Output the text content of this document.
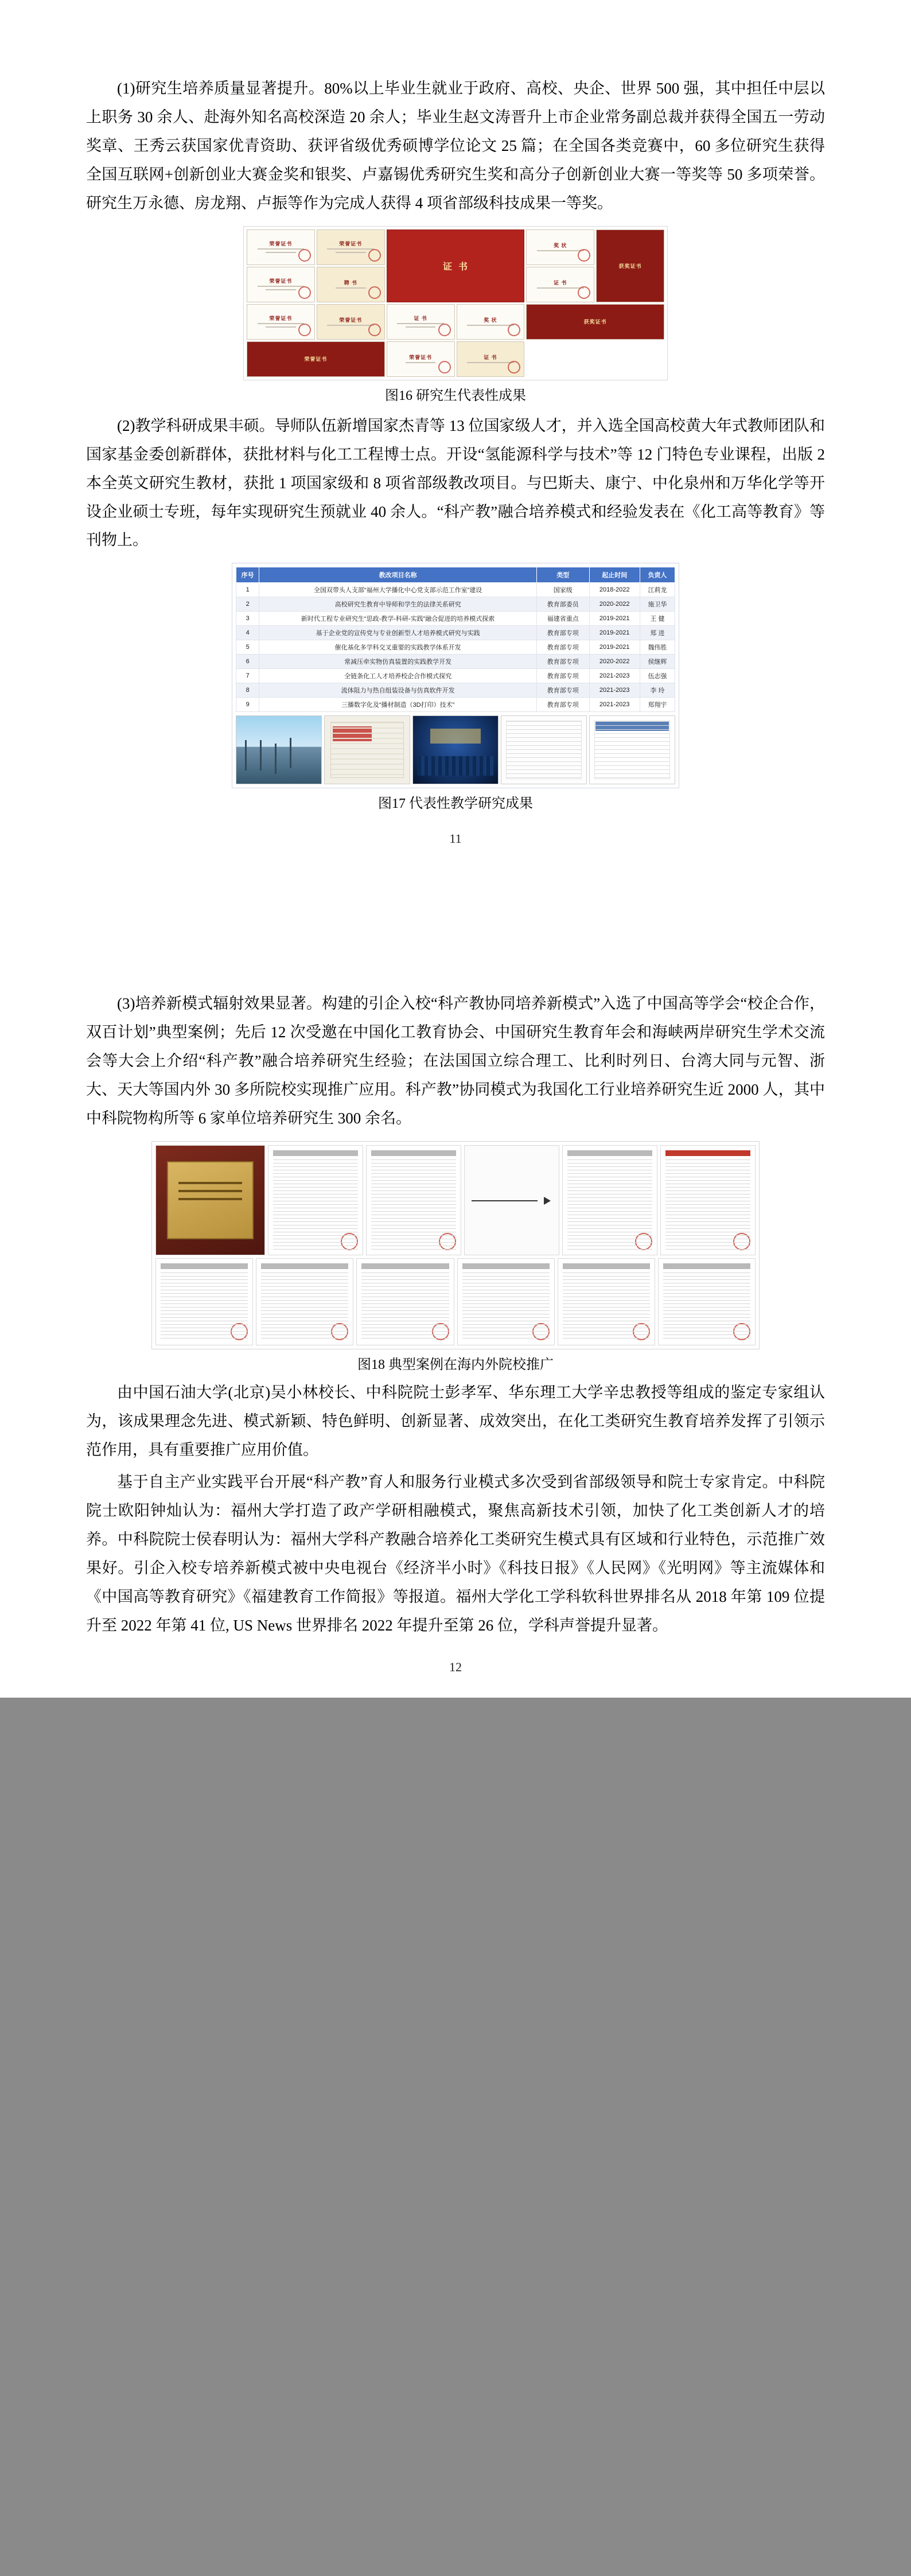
(1)研究生培养质量显著提升。80%以上毕业生就业于政府、高校、央企、世界 500 强，其中担任中层以上职务 30 余人、赴海外知名高校深造 20 余人；毕业生赵文涛晋升上市企业常务副总裁并获得全国五一劳动奖章、王秀云获国家优青资助、获评省级优秀硕博学位论文 25 篇；在全国各类竞赛中，60 多位研究生获得全国互联网+创新创业大赛金奖和银奖、卢嘉锡优秀研究生奖和高分子创新创业大赛一等奖等 50 多项荣誉。研究生万永德、房龙翔、卢振等作为完成人获得 4 项省部级科技成果一等奖。

荣誉证书	荣誉证书
证  书
奖 状
获奖证书
荣誉证书	聘 书	证 书
荣誉证书	荣誉证书	证 书	奖 状	获奖证书
荣誉证书	荣誉证书	证 书
图16 研究生代表性成果

(2)教学科研成果丰硕。导师队伍新增国家杰青等 13 位国家级人才，并入选全国高校黄大年式教师团队和国家基金委创新群体，获批材料与化工工程博士点。开设“氢能源科学与技术”等 12 门特色专业课程，出版 2 本全英文研究生教材，获批 1 项国家级和 8 项省部级教改项目。与巴斯夫、康宁、中化泉州和万华化学等开设企业硕士专班，每年实现研究生预就业 40 余人。“科产教”融合培养模式和经验发表在《化工高等教育》等刊物上。

序号	教改项目名称	类型	起止时间	负责人
1	全国双带头人支部“福州大学播化中心党支部示范工作室”建设	国家级	2018-2022	江莉龙
2	高校研究生教育中导师和学生的法律关系研究	教育部委员	2020-2022	施卫华
3	新时代工程专业研究生“思政-教学-科研-实践”融合促进的培养模式探索	福建省重点	2019-2021	王 健
4	基于企业党的宣传党与专业创新型人才培养模式研究与实践	教育部专项	2019-2021	郑 进
5	催化基化多学科交叉重要的实践教学体系开发	教育部专项	2019-2021	魏伟胜
6	常减压牵实物仿真装置的实践教学开发	教育部专项	2020-2022	侯继辉
7	全链条化工人才培养校企合作模式探究	教育部专项	2021-2023	伍志强
8	流体阻力与热自组装设备与仿真软件开发	教育部专项	2021-2023	李 玲
9	三播数字化及“播材制造（3D打印）技术”	教育部专项	2021-2023	郑翔宇
图17 代表性教学研究成果
11

(3)培养新模式辐射效果显著。构建的引企入校“科产教协同培养新模式”入选了中国高等学会“校企合作，双百计划”典型案例；先后 12 次受邀在中国化工教育协会、中国研究生教育年会和海峡两岸研究生学术交流会等大会上介绍“科产教”融合培养研究生经验；在法国国立综合理工、比利时列日、台湾大同与元智、浙大、天大等国内外 30 多所院校实现推广应用。科产教”协同模式为我国化工行业培养研究生近 2000 人，其中中科院物构所等 6 家单位培养研究生 300 余名。

图18 典型案例在海内外院校推广

由中国石油大学(北京)吴小林校长、中科院院士彭孝军、华东理工大学辛忠教授等组成的鉴定专家组认为，该成果理念先进、模式新颖、特色鲜明、创新显著、成效突出，在化工类研究生教育培养发挥了引领示范作用，具有重要推广应用价值。

基于自主产业实践平台开展“科产教”育人和服务行业模式多次受到省部级领导和院士专家肯定。中科院院士欧阳钟灿认为：福州大学打造了政产学研相融模式，聚焦高新技术引领，加快了化工类创新人才的培养。中科院院士侯春明认为：福州大学科产教融合培养化工类研究生模式具有区域和行业特色，示范推广效果好。引企入校专培养新模式被中央电视台《经济半小时》《科技日报》《人民网》《光明网》等主流媒体和《中国高等教育研究》《福建教育工作简报》等报道。福州大学化工学科软科世界排名从 2018 年第 109 位提升至 2022 年第 41 位, US News 世界排名 2022 年提升至第 26 位，学科声誉提升显著。

12
